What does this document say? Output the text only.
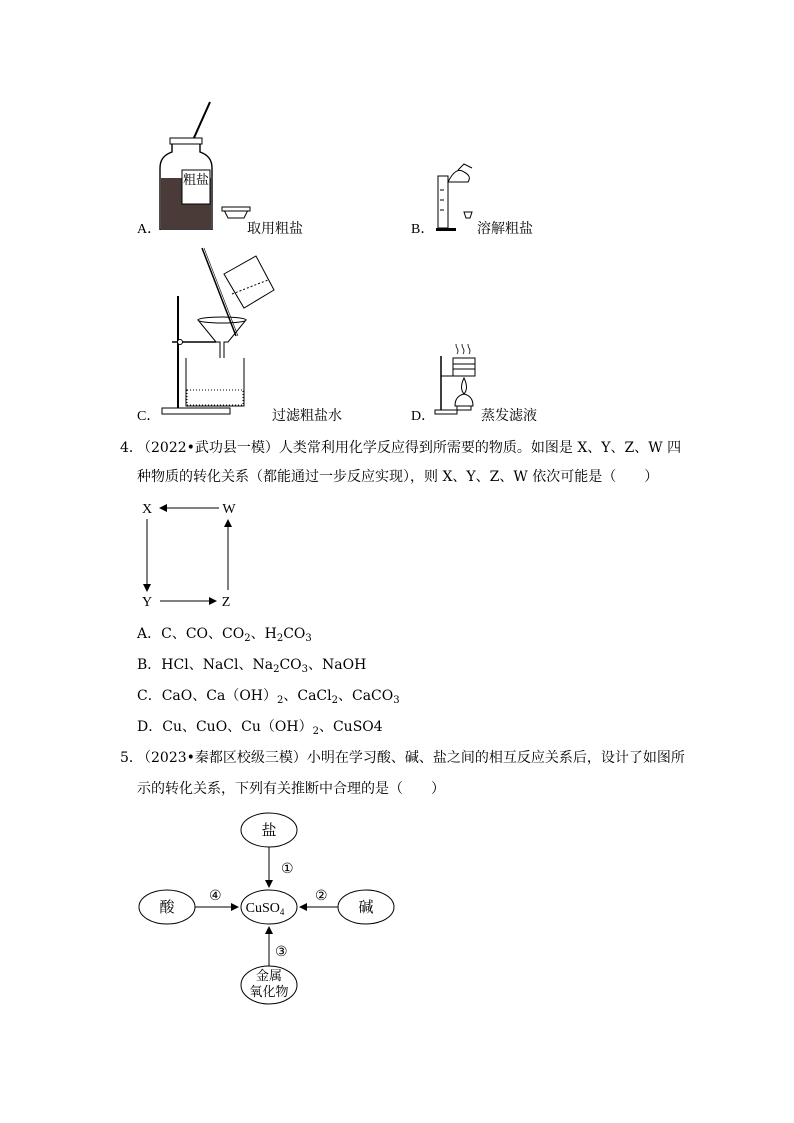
粗盐
A．	取用粗盐	B．	溶解粗盐
C．	过滤粗盐水	D．	蒸发滤液
4．
（2022•武功县一模）人类常利用化学反应得到所需要的物质。如图是 X、Y、Z、W 四
种物质的转化关系（都能通过一步反应实现），则 X、Y、Z、W 依次可能是（　　）
X	W
Y	Z
A．C、CO、$CO_2$、$H_2CO_3$
B．HCl、NaCl、$Na_2CO_3$、NaOH
C．CaO、$Ca(OH)_2$、CaCl$_2$、CaCO$_3$
D．Cu、CuO、$Cu(OH)_2$、CuSO4
5．
（2023•秦都区校级三模）小明在学习酸、碱、盐之间的相互反应关系后，设计了如图所
示的转化关系，下列有关推断中合理的是（　　）
盐
酸	碱
CuSO$_4$
金属
氧化物
①
②
③
④
